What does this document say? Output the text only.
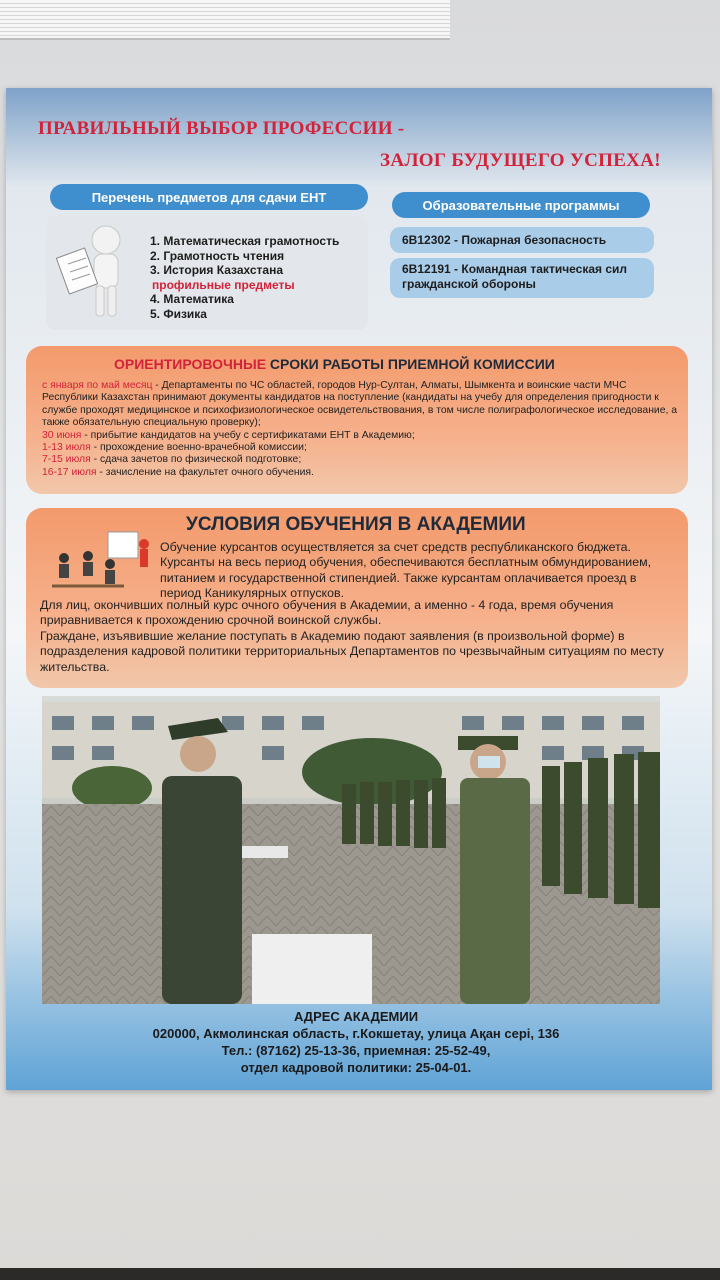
ПРАВИЛЬНЫЙ ВЫБОР ПРОФЕССИИ -
ЗАЛОГ БУДУЩЕГО УСПЕХА!
Перечень предметов для сдачи ЕНТ
1. Математическая грамотность
2. Грамотность чтения
3. История Казахстана
профильные предметы
4. Математика
5. Физика
Образовательные программы
6B12302 - Пожарная безопасность
6B12191 - Командная тактическая сил гражданской обороны
ОРИЕНТИРОВОЧНЫЕ СРОКИ РАБОТЫ ПРИЕМНОЙ КОМИССИИ
с января по май месяц - Департаменты по ЧС областей, городов Нур-Султан, Алматы, Шымкента и воинские части МЧС Республики Казахстан принимают документы кандидатов на поступление (кандидаты на учебу для определения пригодности к службе проходят медицинское и психофизиологическое освидетельствования, в том числе полиграфологическое исследование, а также обязательную специальную проверку);
30 июня - прибытие кандидатов на учебу с сертификатами ЕНТ в Академию;
1-13 июля - прохождение военно-врачебной комиссии;
7-15 июля - сдача зачетов по физической подготовке;
16-17 июля - зачисление на факультет очного обучения.
УСЛОВИЯ ОБУЧЕНИЯ В АКАДЕМИИ
Обучение курсантов осуществляется за счет средств республиканского бюджета. Курсанты на весь период обучения, обеспечиваются бесплатным обмундированием, питанием и государственной стипендией. Также курсантам оплачивается проезд в период Каникулярных отпусков.
Для лиц, окончивших полный курс очного обучения в Академии, а именно - 4 года, время обучения приравнивается к прохождению срочной воинской службы.
Граждане, изъявившие желание поступать в Академию подают заявления (в произвольной форме) в подразделения кадровой политики территориальных Департаментов по чрезвычайным ситуациям по месту жительства.
АДРЕС АКАДЕМИИ
020000, Акмолинская область, г.Кокшетау, улица Ақан сері, 136
Тел.: (87162) 25-13-36, приемная: 25-52-49,
отдел кадровой политики: 25-04-01.
